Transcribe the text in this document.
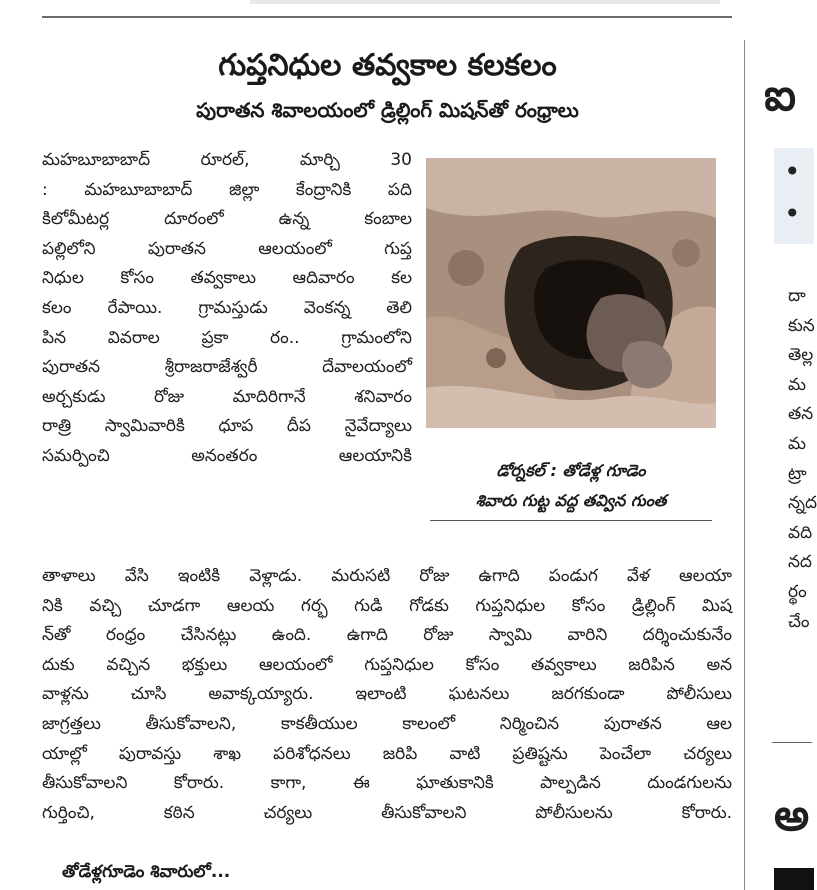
గుప్తనిధుల తవ్వకాల కలకలం
పురాతన శివాలయంలో డ్రిల్లింగ్ మిషన్‌తో రంధ్రాలు
మహబూబాబాద్ రూరల్, మార్చి 30
: మహబూబాబాద్ జిల్లా కేంద్రానికి పది
కిలోమీటర్ల దూరంలో ఉన్న కంబాల
పల్లిలోని పురాతన ఆలయంలో గుప్త
నిధుల కోసం తవ్వకాలు ఆదివారం కల
కలం రేపాయి. గ్రామస్తుడు వెంకన్న తెలి
పిన వివరాల ప్రకా రం.. గ్రామంలోని
పురాతన శ్రీరాజరాజేశ్వరీ దేవాలయంలో
అర్చకుడు రోజు మాదిరిగానే శనివారం
రాత్రి స్వామివారికి ధూప దీప నైవేద్యాలు
సమర్పించి అనంతరం ఆలయానికి
డోర్నకల్ : తోడేళ్ల గూడెం
శివారు గుట్ట వద్ద తవ్విన గుంత
తాళాలు వేసి ఇంటికి వెళ్లాడు. మరుసటి రోజు ఉగాది పండుగ వేళ ఆలయా
నికి వచ్చి చూడగా ఆలయ గర్భ గుడి గోడకు గుప్తనిధుల కోసం డ్రిల్లింగ్ మిష
న్‌తో రంధ్రం చేసినట్లు ఉంది. ఉగాది రోజు స్వామి వారిని దర్శించుకునేం
దుకు వచ్చిన భక్తులు ఆలయంలో గుప్తనిధుల కోసం తవ్వకాలు జరిపిన అన
వాళ్లను చూసి అవాక్కయ్యారు. ఇలాంటి ఘటనలు జరగకుండా పోలీసులు
జాగ్రత్తలు తీసుకోవాలని, కాకతీయుల కాలంలో నిర్మించిన పురాతన ఆల
యాల్లో పురావస్తు శాఖ పరిశోధనలు జరిపి వాటి ప్రతిష్టను పెంచేలా చర్యలు
తీసుకోవాలని కోరారు. కాగా, ఈ ఘాతుకానికి పాల్పడిన దుండగులను
గుర్తించి, కఠిన చర్యలు తీసుకోవాలని పోలీసులను కోరారు.
తోడేళ్లగూడెం శివారులో...
ఐ
•
•
దా
కున
తెల్ల
మ
తన
మ
ట్రా
న్నద
వది
నద
ర్థం
చేం
అ
